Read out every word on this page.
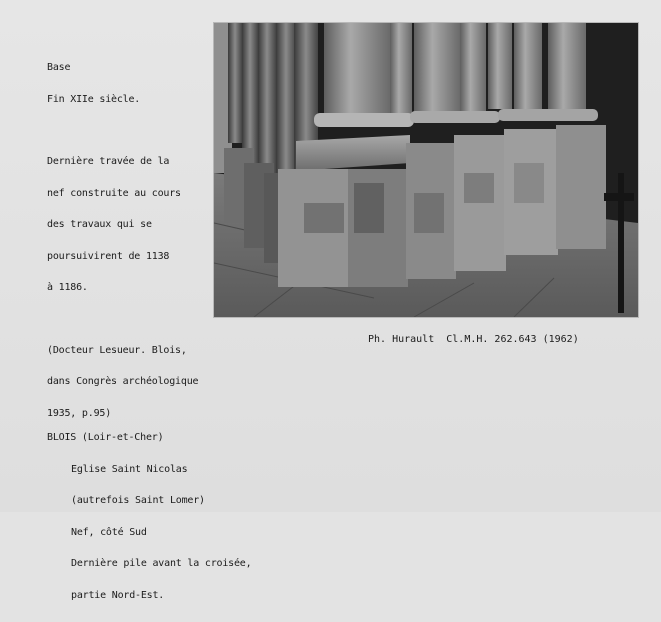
Base

Fin XIIe siècle.

Dernière travée de la

nef construite au cours

des travaux qui se

poursuivirent de 1138

à 1186.

(Docteur Lesueur. Blois,

dans Congrès archéologique

1935, p.95)

Ph. Hurault  Cl.M.H. 262.643 (1962)

BLOIS (Loir-et-Cher)

Eglise Saint Nicolas

(autrefois Saint Lomer)

Nef, côté Sud

Dernière pile avant la croisée,

partie Nord-Est.
